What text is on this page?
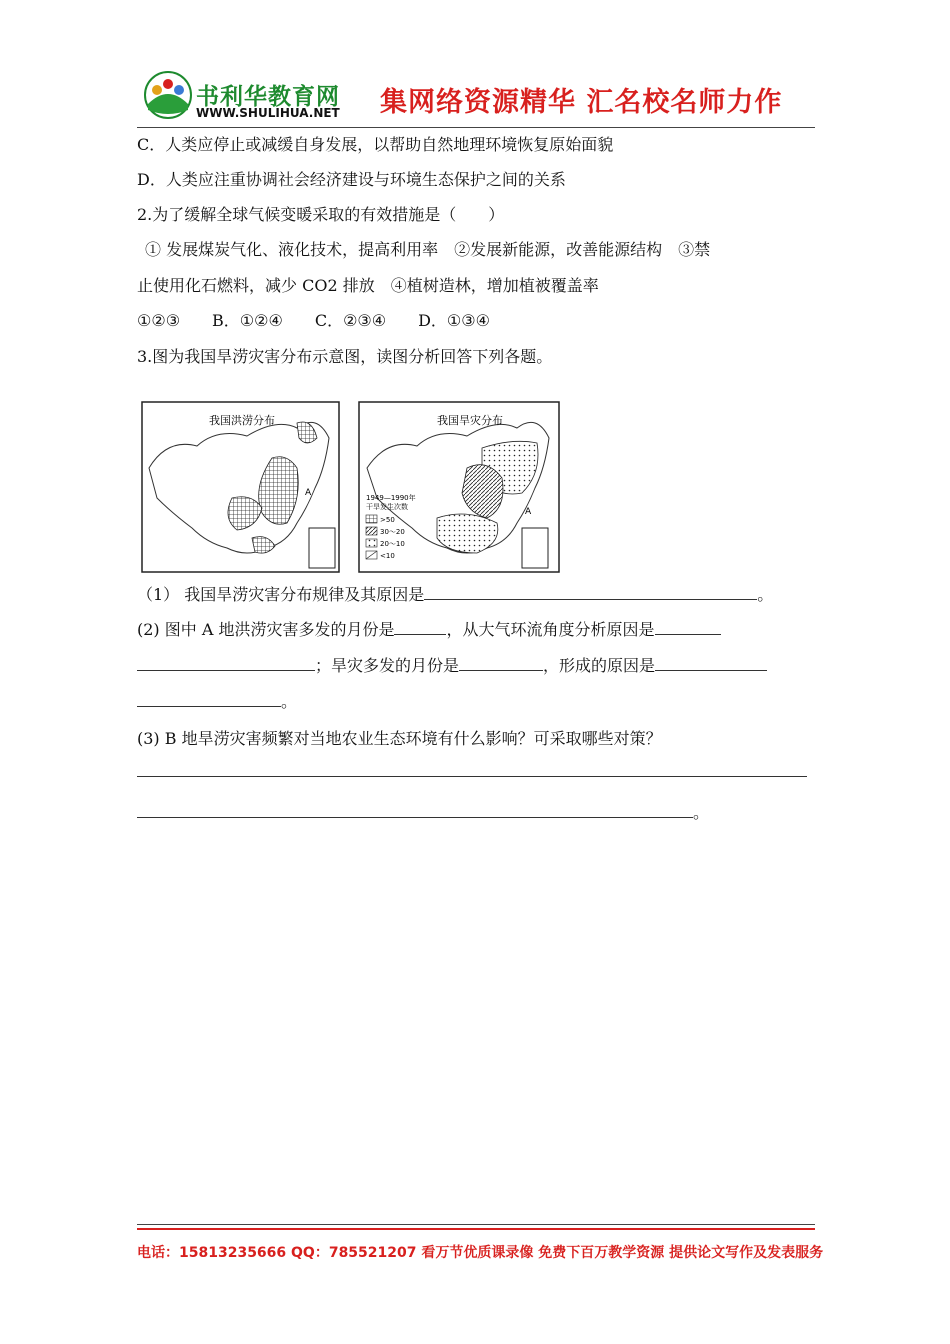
书利华教育网
WWW.SHULIHUA.NET 集网络资源精华 汇名校名师力作
C．人类应停止或减缓自身发展，以帮助自然地理环境恢复原始面貌
D．人类应注重协调社会经济建设与环境生态保护之间的关系
2.为了缓解全球气候变暖采取的有效措施是（　　）
① 发展煤炭气化、液化技术，提高利用率　②发展新能源，改善能源结构　③禁
止使用化石燃料，减少 CO2 排放　④植树造林，增加植被覆盖率
①②③　　B．①②④　　C．②③④　　D．①③④
3.图为我国旱涝灾害分布示意图，读图分析回答下列各题。
我国洪涝分布
A
我国旱灾分布
A
1949—1990年
干旱发生次数
>50
30～20
20～10
<10
（1） 我国旱涝灾害分布规律及其原因是	。
(2) 图中 A 地洪涝灾害多发的月份是	，从大气环流角度分析原因是
；旱灾多发的月份是	，形成的原因是
。
(3) B 地旱涝灾害频繁对当地农业生态环境有什么影响？可采取哪些对策？
。
电话：15813235666 QQ：785521207 看万节优质课录像 免费下百万教学资源 提供论文写作及发表服务
